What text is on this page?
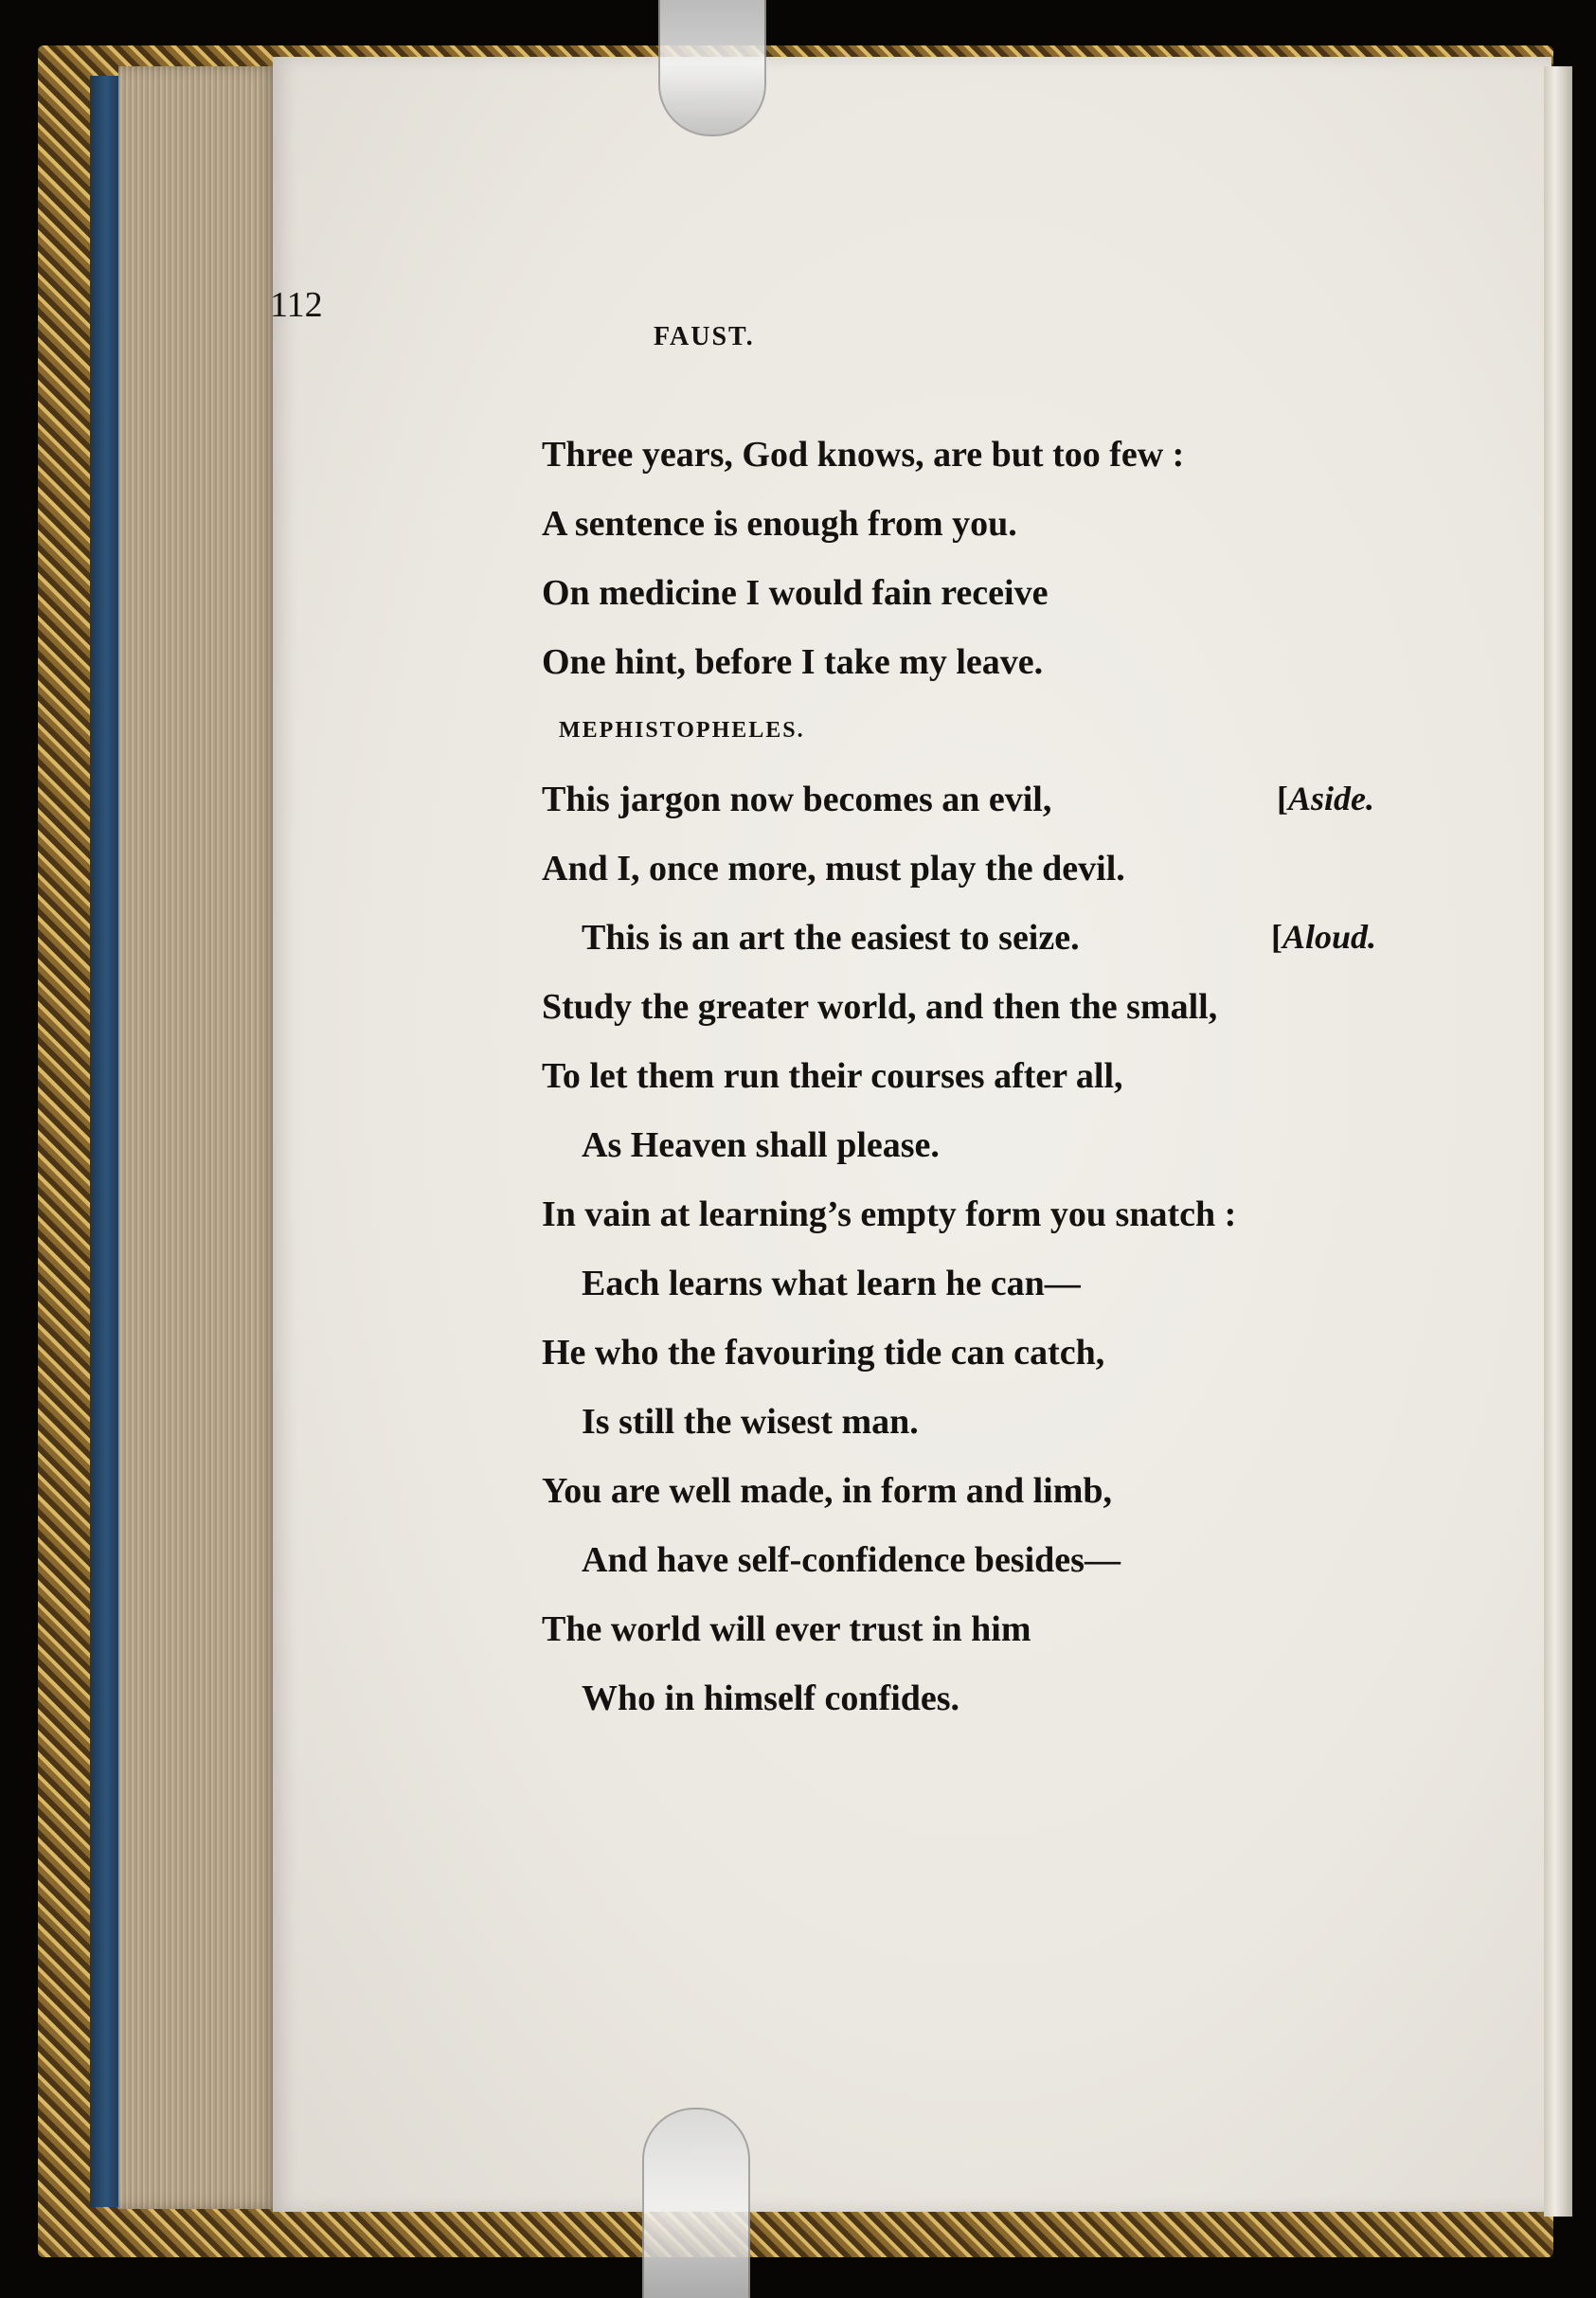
112
FAUST.
Three years, God knows, are but too few :
A sentence is enough from you.
On medicine I would fain receive
One hint, before I take my leave.
MEPHISTOPHELES.
This jargon now becomes an evil,	[Aside.
And I, once more, must play the devil.
This is an art the easiest to seize.	[Aloud.
Study the greater world, and then the small,
To let them run their courses after all,
As Heaven shall please.
In vain at learning’s empty form you snatch :
Each learns what learn he can—
He who the favouring tide can catch,
Is still the wisest man.
You are well made, in form and limb,
And have self-confidence besides—
The world will ever trust in him
Who in himself confides.
